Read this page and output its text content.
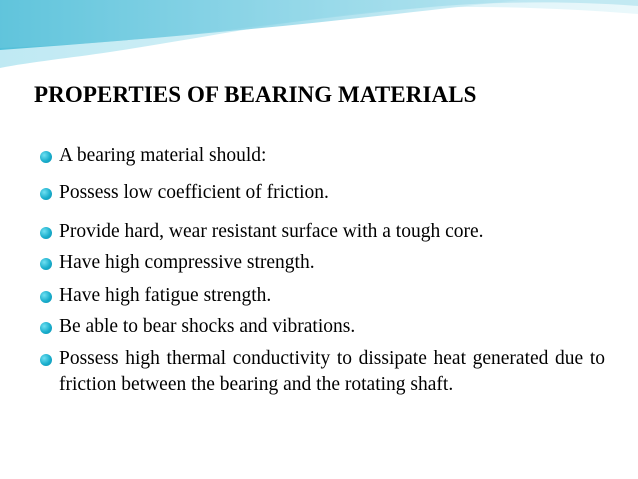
PROPERTIES OF BEARING MATERIALS
A bearing material should:
Possess low coefficient of friction.
Provide hard, wear resistant surface with a tough core.
Have high compressive strength.
Have high fatigue strength.
Be able to bear shocks and vibrations.
Possess high thermal conductivity to dissipate heat generated due to friction between the bearing and the rotating shaft.
